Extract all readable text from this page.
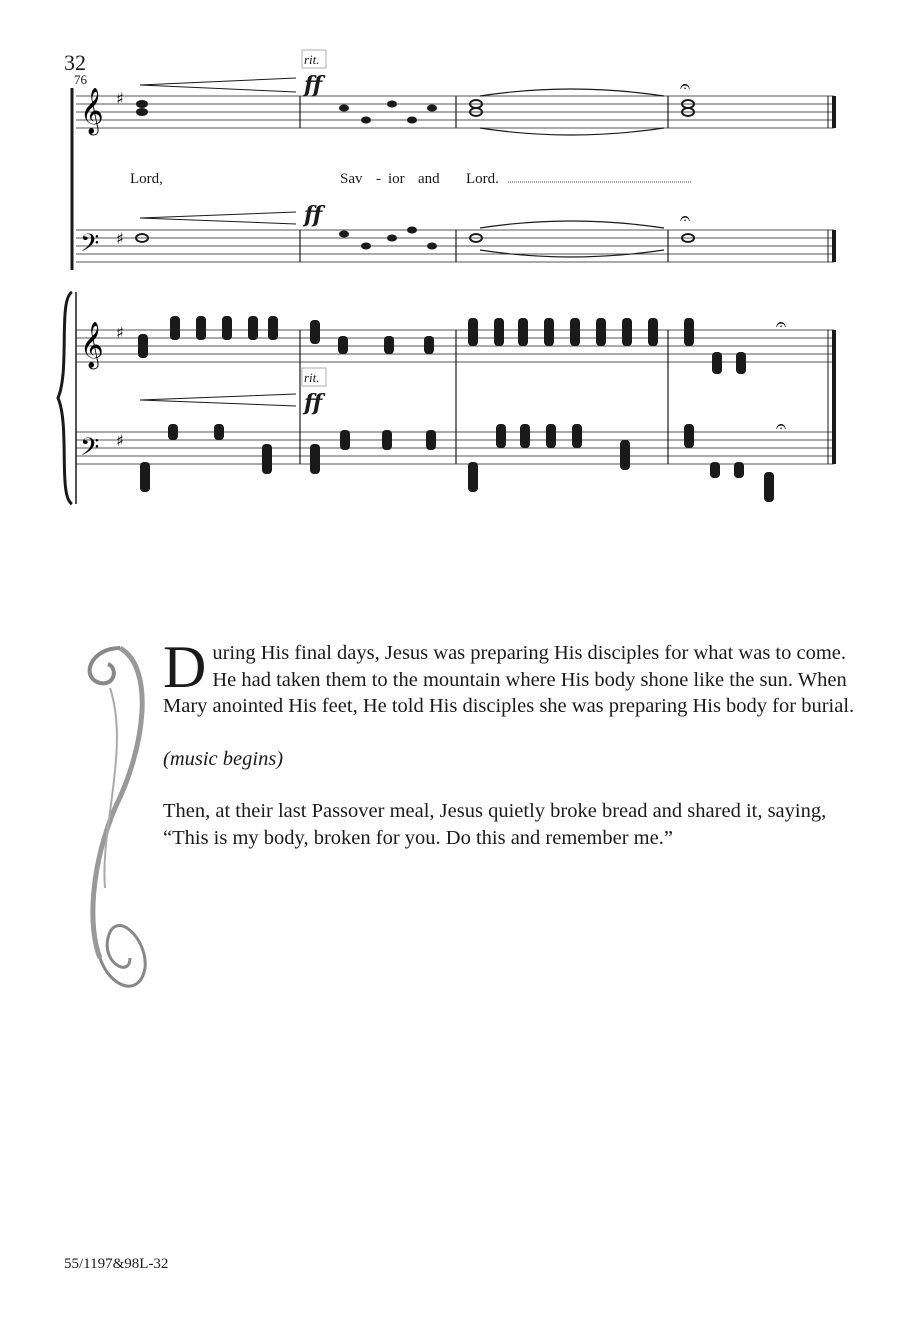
32
76
𝄞
𝄢
𝄞
𝄢
♯
♯
♯
♯
rit.
ff
ff
rit.
ff
𝄐
𝄐
𝄐
𝄐
Lord,	Sav - ior and Lord.

During His final days, Jesus was preparing His disciples for what was to come. He had taken them to the mountain where His body shone like the sun. When Mary anointed His feet, He told His disciples she was preparing His body for burial.

(music begins)

Then, at their last Passover meal, Jesus quietly broke bread and shared it, saying, “This is my body, broken for you. Do this and remember me.”

55/1197&98L-32
